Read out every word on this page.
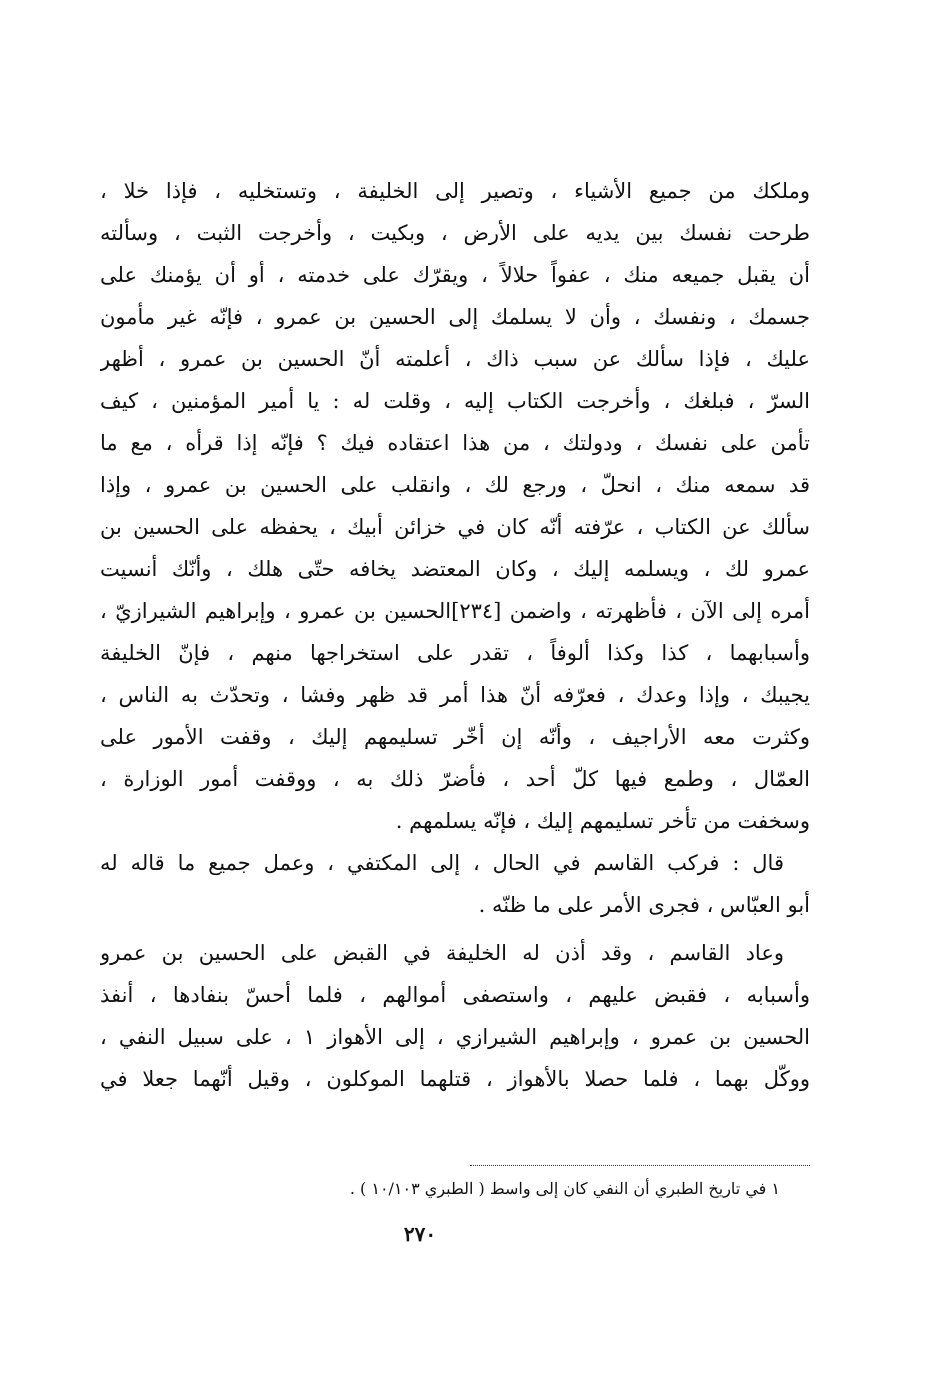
وملكك من جميع الأشياء ، وتصير إلى الخليفة ، وتستخليه ، فإذا خلا ،
طرحت نفسك بين يديه على الأرض ، وبكيت ، وأخرجت الثبت ، وسألته
أن يقبل جميعه منك ، عفواً حلالاً ، ويقرّك على خدمته ، أو أن يؤمنك على
جسمك ، ونفسك ، وأن لا يسلمك إلى الحسين بن عمرو ، فإنّه غير مأمون
عليك ، فإذا سألك عن سبب ذاك ، أعلمته أنّ الحسين بن عمرو ، أظهر
السرّ ، فبلغك ، وأخرجت الكتاب إليه ، وقلت له : يا أمير المؤمنين ، كيف
تأمن على نفسك ، ودولتك ، من هذا اعتقاده فيك ؟ فإنّه إذا قرأه ، مع ما
قد سمعه منك ، انحلّ ، ورجع لك ، وانقلب على الحسين بن عمرو ، وإذا
سألك عن الكتاب ، عرّفته أنّه كان في خزائن أبيك ، يحفظه على الحسين بن
عمرو لك ، ويسلمه إليك ، وكان المعتضد يخافه حتّى هلك ، وأنّك أنسيت
أمره إلى الآن ، فأظهرته ، واضمن [٢٣٤]الحسين بن عمرو ، وإبراهيم الشيرازيّ ،
وأسبابهما ، كذا وكذا ألوفاً ، تقدر على استخراجها منهم ، فإنّ الخليفة
يجيبك ، وإذا وعدك ، فعرّفه أنّ هذا أمر قد ظهر وفشا ، وتحدّث به الناس ،
وكثرت معه الأراجيف ، وأنّه إن أخّر تسليمهم إليك ، وقفت الأمور على
العمّال ، وطمع فيها كلّ أحد ، فأضرّ ذلك به ، ووقفت أمور الوزارة ،
وسخفت من تأخر تسليمهم إليك ، فإنّه يسلمهم .
قال : فركب القاسم في الحال ، إلى المكتفي ، وعمل جميع ما قاله له
أبو العبّاس ، فجرى الأمر على ما ظنّه .
وعاد القاسم ، وقد أذن له الخليفة في القبض على الحسين بن عمرو
وأسبابه ، فقبض عليهم ، واستصفى أموالهم ، فلما أحسّ بنفادها ، أنفذ
الحسين بن عمرو ، وإبراهيم الشيرازي ، إلى الأهواز ١ ، على سبيل النفي ،
ووكّل بهما ، فلما حصلا بالأهواز ، قتلهما الموكلون ، وقيل أنّهما جعلا في
١ في تاريخ الطبري أن النفي كان إلى واسط ( الطبري ١٠/١٠٣ ) .
٢٧٠
